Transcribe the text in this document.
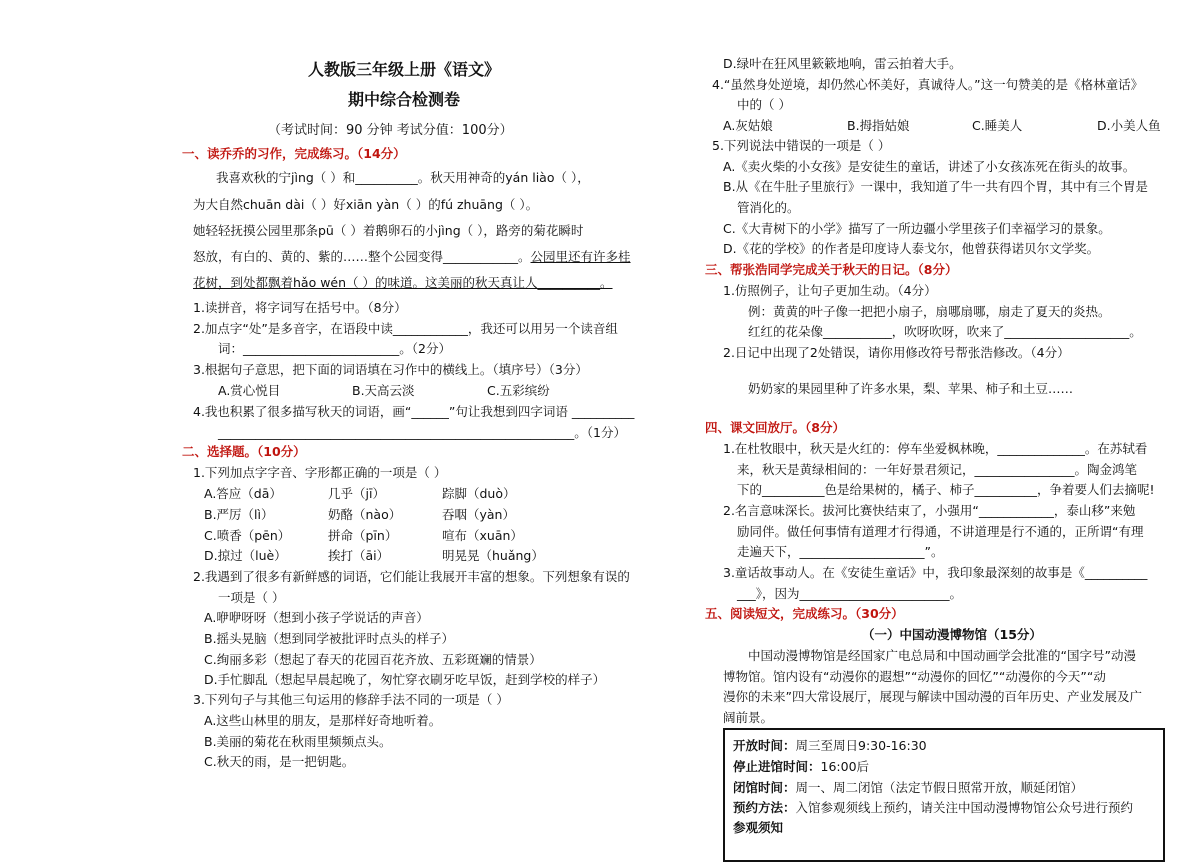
人教版三年级上册《语文》
期中综合检测卷
（考试时间：90 分钟 考试分值：100分）
一、读乔乔的习作，完成练习。（14分）
我喜欢秋的宁jìng（ ）和__________。秋天用神奇的yán liào（ ），
为大自然chuān dài（ ）好xiān yàn（ ）的fú zhuāng（ ）。
她轻轻抚摸公园里那条pū（ ）着鹅卵石的小jìng（ ），路旁的菊花瞬时
怒放，有白的、黄的、紫的……整个公园变得____________。公园里还有许多桂
花树，到处都飘着hǎo wén（ ）的味道。这美丽的秋天真让人__________。
1.读拼音，将字词写在括号中。（8分）
2.加点字“处”是多音字，在语段中读____________，我还可以用另一个读音组
词：_________________________。（2分）
3.根据句子意思，把下面的词语填在习作中的横线上。（填序号）（3分）
A.赏心悦目	B.天高云淡	C.五彩缤纷
4.我也积累了很多描写秋天的词语，画“______”句让我想到四字词语 __________
_________________________________________________________。（1分）
二、选择题。（10分）
1.下列加点字字音、字形都正确的一项是（ ）
A.答应（dā）	几乎（jī）	踪脚（duò）
B.严厉（lì）	奶酪（nào）	吞咽（yàn）
C.喷香（pēn）	拼命（pīn）	喧布（xuān）
D.掠过（luè）	挨打（āi）	明晃晃（huǎng）
2.我遇到了很多有新鲜感的词语，它们能让我展开丰富的想象。下列想象有误的
一项是（ ）
A.咿咿呀呀（想到小孩子学说话的声音）
B.摇头晃脑（想到同学被批评时点头的样子）
C.绚丽多彩（想起了春天的花园百花齐放、五彩斑斓的情景）
D.手忙脚乱（想起早晨起晚了，匆忙穿衣刷牙吃早饭，赶到学校的样子）
3.下列句子与其他三句运用的修辞手法不同的一项是（ ）
A.这些山林里的朋友，是那样好奇地听着。
B.美丽的菊花在秋雨里频频点头。
C.秋天的雨，是一把钥匙。
D.绿叶在狂风里簌簌地响，雷云拍着大手。
4.“虽然身处逆境，却仍然心怀美好，真诚待人。”这一句赞美的是《格林童话》
中的（ ）
A.灰姑娘	B.拇指姑娘	C.睡美人	D.小美人鱼
5.下列说法中错误的一项是（ ）
A.《卖火柴的小女孩》是安徒生的童话，讲述了小女孩冻死在街头的故事。
B.从《在牛肚子里旅行》一课中，我知道了牛一共有四个胃，其中有三个胃是
管消化的。
C.《大青树下的小学》描写了一所边疆小学里孩子们幸福学习的景象。
D.《花的学校》的作者是印度诗人泰戈尔，他曾获得诺贝尔文学奖。
三、帮张浩同学完成关于秋天的日记。（8分）
1.仿照例子，让句子更加生动。（4分）
例：黄黄的叶子像一把把小扇子，扇哪扇哪，扇走了夏天的炎热。
红红的花朵像___________，吹呀吹呀，吹来了____________________。
2.日记中出现了2处错误，请你用修改符号帮张浩修改。（4分）
奶奶家的果园里种了许多水果，梨、苹果、柿子和土豆……
四、课文回放厅。（8分）
1.在杜牧眼中，秋天是火红的：停车坐爱枫林晚，______________。在苏轼看
来，秋天是黄绿相间的：一年好景君须记，________________。陶金鸿笔
下的__________色是给果树的，橘子、柿子__________，争着要人们去摘呢!
2.名言意味深长。拔河比赛快结束了，小强用“____________，泰山移”来勉
励同伴。做任何事情有道理才行得通，不讲道理是行不通的，正所谓“有理
走遍天下，____________________”。
3.童话故事动人。在《安徒生童话》中，我印象最深刻的故事是《__________
___》，因为________________________。
五、阅读短文，完成练习。（30分）
（一）中国动漫博物馆（15分）
中国动漫博物馆是经国家广电总局和中国动画学会批准的“国字号”动漫
博物馆。馆内设有“动漫你的遐想”“动漫你的回忆”“动漫你的今天”“动
漫你的未来”四大常设展厅，展现与解读中国动漫的百年历史、产业发展及广
阔前景。
开放时间：周三至周日9:30-16:30
停止进馆时间：16:00后
闭馆时间：周一、周二闭馆（法定节假日照常开放，顺延闭馆）
预约方法：入馆参观须线上预约，请关注中国动漫博物馆公众号进行预约
参观须知
